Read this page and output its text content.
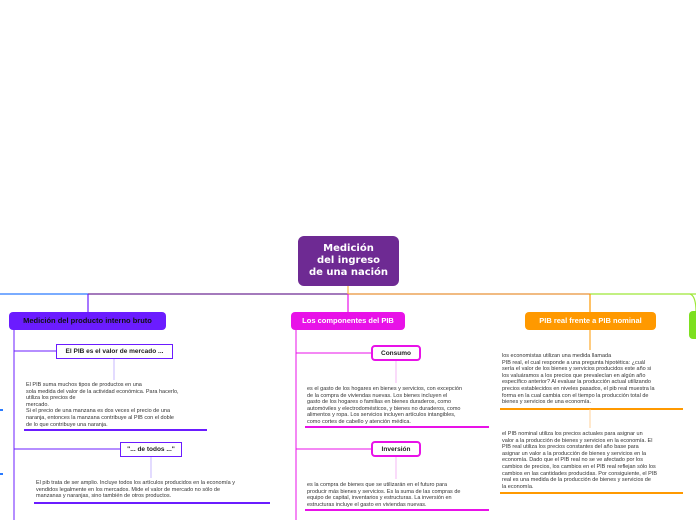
Medición
del ingreso
de una nación
Medición del producto interno bruto	Los componentes del PIB	PIB real frente a PIB nominal
El PIB es el valor de mercado ...
"... de todos ..."
Consumo
Inversión
El PIB suma muchos tipos de productos en una
sola medida del valor de la actividad económica. Para hacerlo,
utiliza los precios de
mercado.
Si el precio de una manzana es dos veces el precio de una
naranja, entonces la manzana contribuye al PIB con el doble
de lo que contribuye una naranja.
El pib trata de ser amplio. Incluye todos los artículos producidos en la economía y
vendidos legalmente en los mercados. Mide el valor de mercado no sólo de
manzanas y naranjas, sino también de otros productos.
es el gasto de los hogares en bienes y servicios, con excepción
de la compra de viviendas nuevas. Los bienes incluyen el
gasto de los hogares o familias en bienes duraderos, como
automóviles y electrodomésticos, y bienes no duraderos, como
alimentos y ropa. Los servicios incluyen artículos intangibles,
como cortes de cabello y atención médica.
es la compra de bienes que se utilizarán en el futuro para
producir más bienes y servicios. Es la suma de las compras de
equipo de capital, inventarios y estructuras. La inversión en
estructuras incluye el gasto en viviendas nuevas.
los economistas utilizan una medida llamada
PIB real, el cual responde a una pregunta hipotética: ¿cuál
sería el valor de los bienes y servicios producidos este año si
los valuáramos a los precios que prevalecían en algún año
específico anterior? Al evaluar la producción actual utilizando
precios establecidos en niveles pasados, el pib real muestra la
forma en la cual cambia con el tiempo la producción total de
bienes y servicios de una economía.
el PIB nominal utiliza los precios actuales para asignar un
valor a la producción de bienes y servicios en la economía. El
PIB real utiliza los precios constantes del año base para
asignar un valor a la producción de bienes y servicios en la
economía. Dado que el PIB real no se ve afectado por los
cambios de precios, los cambios en el PIB real reflejan sólo los
cambios en las cantidades producidas. Por consiguiente, el PIB
real es una medida de la producción de bienes y servicios de
la economía.
